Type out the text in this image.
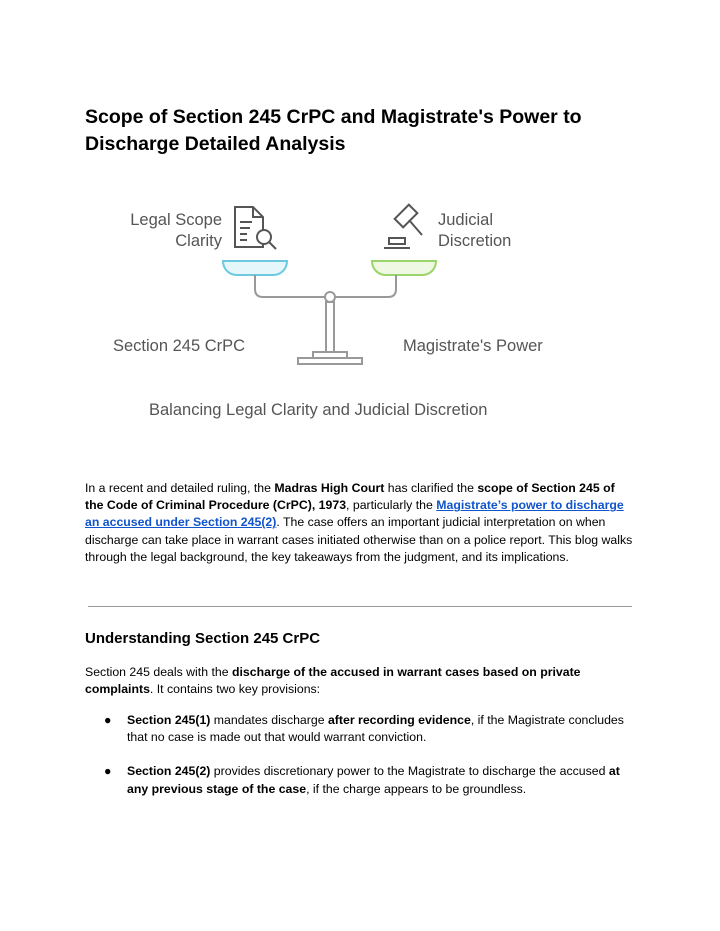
Scope of Section 245 CrPC and Magistrate's Power to Discharge Detailed Analysis
Legal Scope
Clarity
Judicial
Discretion
Section 245 CrPC	Magistrate's Power
Balancing Legal Clarity and Judicial Discretion

In a recent and detailed ruling, the Madras High Court has clarified the scope of Section 245 of the Code of Criminal Procedure (CrPC), 1973, particularly the Magistrate’s power to discharge an accused under Section 245(2). The case offers an important judicial interpretation on when discharge can take place in warrant cases initiated otherwise than on a police report. This blog walks through the legal background, the key takeaways from the judgment, and its implications.

Understanding Section 245 CrPC

Section 245 deals with the discharge of the accused in warrant cases based on private complaints. It contains two key provisions:

● Section 245(1) mandates discharge after recording evidence, if the Magistrate concludes that no case is made out that would warrant conviction.
● Section 245(2) provides discretionary power to the Magistrate to discharge the accused at any previous stage of the case, if the charge appears to be groundless.
